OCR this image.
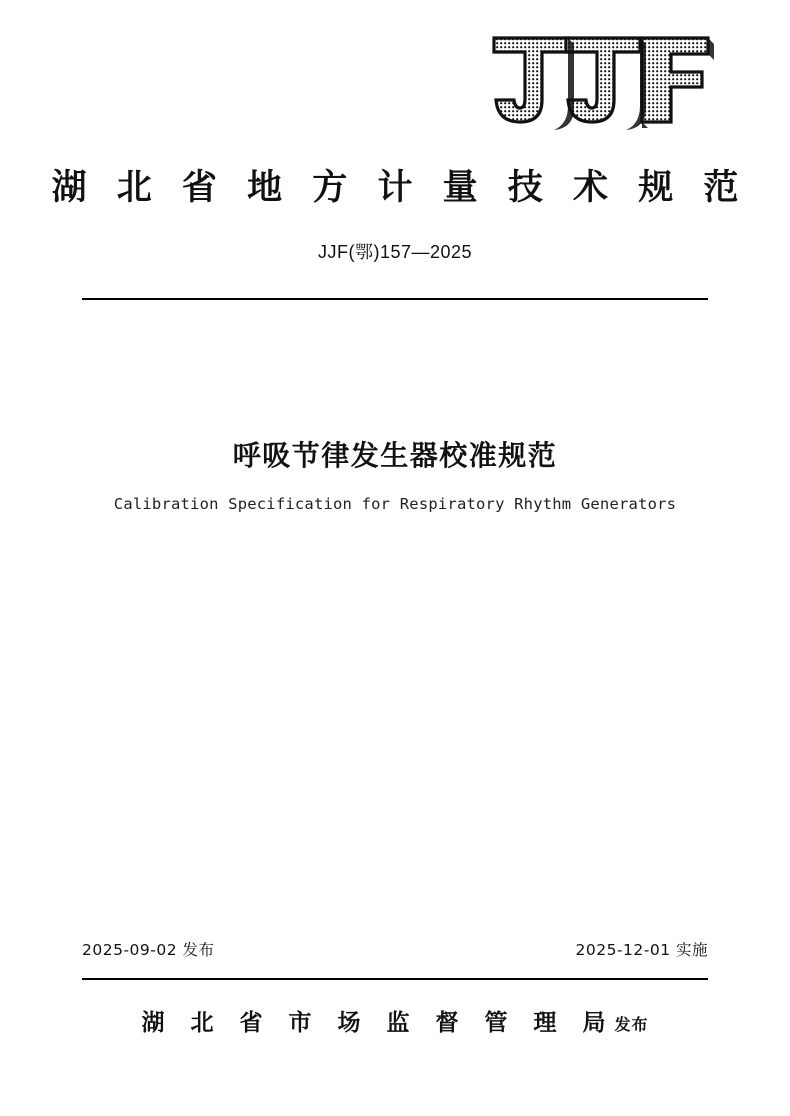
湖 北 省 地 方 计 量 技 术 规 范
JJF(鄂)157—2025
呼吸节律发生器校准规范
Calibration Specification for Respiratory Rhythm Generators
2025-09-02 发布	2025-12-01 实施
湖 北 省 市 场 监 督 管 理 局发布
